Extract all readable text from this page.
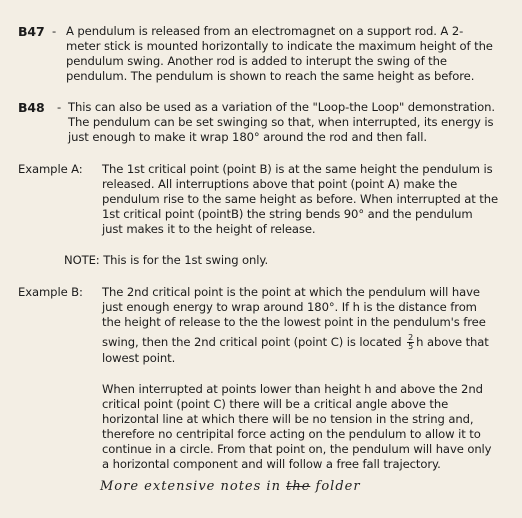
B47 - A pendulum is released from an electromagnet on a support rod. A 2-
meter stick is mounted horizontally to indicate the maximum height of the
pendulum swing. Another rod is added to interupt the swing of the
pendulum. The pendulum is shown to reach the same height as before.
B48 - This can also be used as a variation of the "Loop-the Loop" demonstration.
The pendulum can be set swinging so that, when interrupted, its energy is
just enough to make it wrap 180° around the rod and then fall.
Example A: The 1st critical point (point B) is at the same height the pendulum is
released. All interruptions above that point (point A) make the
pendulum rise to the same height as before. When interrupted at the
1st critical point (pointB) the string bends 90° and the pendulum
just makes it to the height of release.
NOTE: This is for the 1st swing only.
Example B: The 2nd critical point is the point at which the pendulum will have
just enough energy to wrap around 180°. If h is the distance from
the height of release to the the lowest point in the pendulum's free
swing, then the 2nd critical point (point C) is located $\frac{2}{5}$ h above that
lowest point.
When interrupted at points lower than height h and above the 2nd
critical point (point C) there will be a critical angle above the
horizontal line at which there will be no tension in the string and,
therefore no centripital force acting on the pendulum to allow it to
continue in a circle. From that point on, the pendulum will have only
a horizontal component and will follow a free fall trajectory.
More extensive notes in the folder
